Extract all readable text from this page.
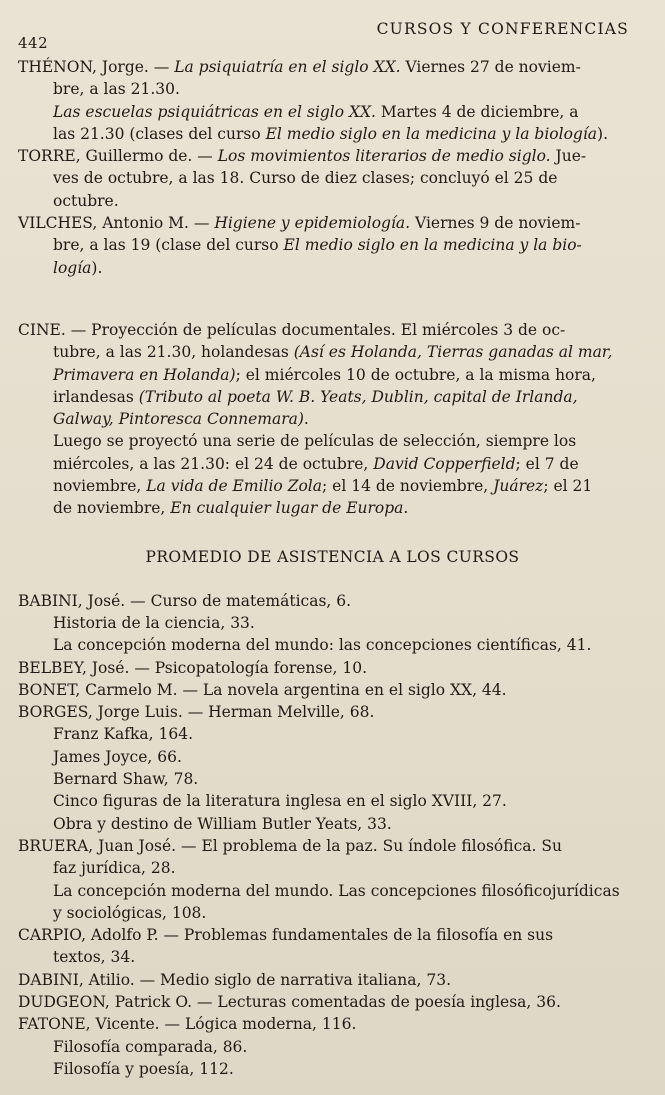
442
CURSOS Y CONFERENCIAS
THÉNON, Jorge. — La psiquiatría en el siglo XX. Viernes 27 de noviem-
bre, a las 21.30.
Las escuelas psiquiátricas en el siglo XX. Martes 4 de diciembre, a
las 21.30 (clases del curso El medio siglo en la medicina y la biología).
TORRE, Guillermo de. — Los movimientos literarios de medio siglo. Jue-
ves de octubre, a las 18. Curso de diez clases; concluyó el 25 de
octubre.
VILCHES, Antonio M. — Higiene y epidemiología. Viernes 9 de noviem-
bre, a las 19 (clase del curso El medio siglo en la medicina y la bio-
logía).
CINE. — Proyección de películas documentales. El miércoles 3 de oc-
tubre, a las 21.30, holandesas (Así es Holanda, Tierras ganadas al mar,
Primavera en Holanda); el miércoles 10 de octubre, a la misma hora,
irlandesas (Tributo al poeta W. B. Yeats, Dublin, capital de Irlanda,
Galway, Pintoresca Connemara).
Luego se proyectó una serie de películas de selección, siempre los
miércoles, a las 21.30: el 24 de octubre, David Copperfield; el 7 de
noviembre, La vida de Emilio Zola; el 14 de noviembre, Juárez; el 21
de noviembre, En cualquier lugar de Europa.
PROMEDIO DE ASISTENCIA A LOS CURSOS
BABINI, José. — Curso de matemáticas, 6.
Historia de la ciencia, 33.
La concepción moderna del mundo: las concepciones científicas, 41.
BELBEY, José. — Psicopatología forense, 10.
BONET, Carmelo M. — La novela argentina en el siglo XX, 44.
BORGES, Jorge Luis. — Herman Melville, 68.
Franz Kafka, 164.
James Joyce, 66.
Bernard Shaw, 78.
Cinco figuras de la literatura inglesa en el siglo XVIII, 27.
Obra y destino de William Butler Yeats, 33.
BRUERA, Juan José. — El problema de la paz. Su índole filosófica. Su
faz jurídica, 28.
La concepción moderna del mundo. Las concepciones filosóficojurídicas
y sociológicas, 108.
CARPIO, Adolfo P. — Problemas fundamentales de la filosofía en sus
textos, 34.
DABINI, Atilio. — Medio siglo de narrativa italiana, 73.
DUDGEON, Patrick O. — Lecturas comentadas de poesía inglesa, 36.
FATONE, Vicente. — Lógica moderna, 116.
Filosofía comparada, 86.
Filosofía y poesía, 112.
